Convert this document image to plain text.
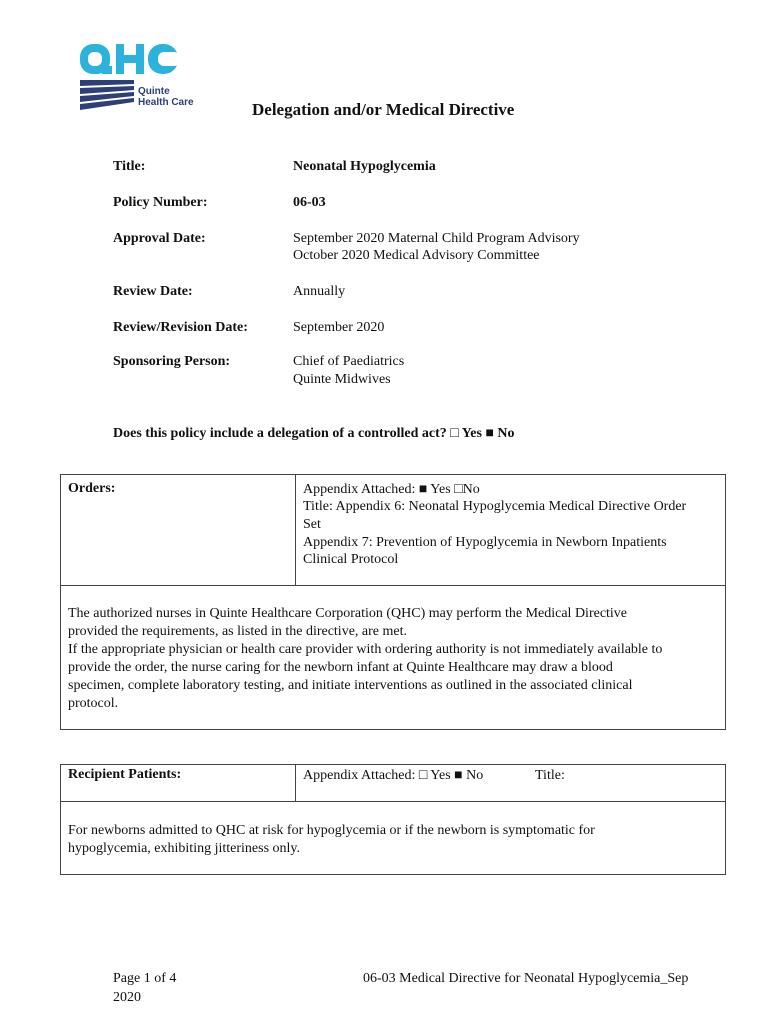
Quinte
Health Care	Delegation and/or Medical Directive
Title:	Neonatal Hypoglycemia
Policy Number:	06-03
Approval Date:	September 2020 Maternal Child Program Advisory
October 2020 Medical Advisory Committee
Review Date:	Annually
Review/Revision Date:	September 2020
Sponsoring Person:	Chief of Paediatrics
Quinte Midwives
Does this policy include a delegation of a controlled act? □ Yes ■ No
Orders:	Appendix Attached: ■ Yes □No
Title: Appendix 6: Neonatal Hypoglycemia Medical Directive Order
Set
Appendix 7: Prevention of Hypoglycemia in Newborn Inpatients
Clinical Protocol
The authorized nurses in Quinte Healthcare Corporation (QHC) may perform the Medical Directive
provided the requirements, as listed in the directive, are met.
If the appropriate physician or health care provider with ordering authority is not immediately available to
provide the order, the nurse caring for the newborn infant at Quinte Healthcare may draw a blood
specimen, complete laboratory testing, and initiate interventions as outlined in the associated clinical
protocol.
Recipient Patients:	Appendix Attached: □ Yes ■ No	Title:
For newborns admitted to QHC at risk for hypoglycemia or if the newborn is symptomatic for
hypoglycemia, exhibiting jitteriness only.
Page 1 of 4
2020
06-03 Medical Directive for Neonatal Hypoglycemia_Sep
